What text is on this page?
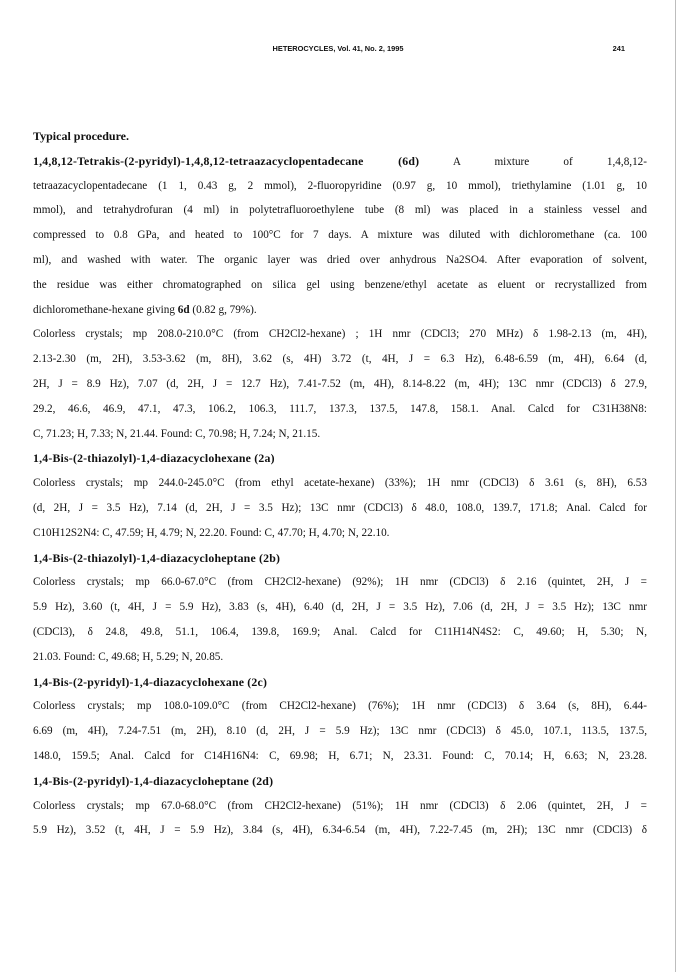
HETEROCYCLES, Vol. 41, No. 2, 1995	241
Typical procedure.
1,4,8,12-Tetrakis-(2-pyridyl)-1,4,8,12-tetraazacyclopentadecane (6d) A mixture of 1,4,8,12-
tetraazacyclopentadecane (1 1, 0.43 g, 2 mmol), 2-fluoropyridine (0.97 g, 10 mmol), triethylamine (1.01 g, 10
mmol), and tetrahydrofuran (4 ml) in polytetrafluoroethylene tube (8 ml) was placed in a stainless vessel and
compressed to 0.8 GPa, and heated to 100°C for 7 days. A mixture was diluted with dichloromethane (ca. 100
ml), and washed with water. The organic layer was dried over anhydrous Na2SO4. After evaporation of solvent,
the residue was either chromatographed on silica gel using benzene/ethyl acetate as eluent or recrystallized from
dichloromethane-hexane giving 6d (0.82 g, 79%).
Colorless crystals; mp 208.0-210.0°C (from CH2Cl2-hexane) ; 1H nmr (CDCl3; 270 MHz) δ 1.98-2.13 (m, 4H),
2.13-2.30 (m, 2H), 3.53-3.62 (m, 8H), 3.62 (s, 4H) 3.72 (t, 4H, J = 6.3 Hz), 6.48-6.59 (m, 4H), 6.64 (d,
2H, J = 8.9 Hz), 7.07 (d, 2H, J = 12.7 Hz), 7.41-7.52 (m, 4H), 8.14-8.22 (m, 4H); 13C nmr (CDCl3) δ 27.9,
29.2, 46.6, 46.9, 47.1, 47.3, 106.2, 106.3, 111.7, 137.3, 137.5, 147.8, 158.1. Anal. Calcd for C31H38N8:
C, 71.23; H, 7.33; N, 21.44. Found: C, 70.98; H, 7.24; N, 21.15.
1,4-Bis-(2-thiazolyl)-1,4-diazacyclohexane (2a)
Colorless crystals; mp 244.0-245.0°C (from ethyl acetate-hexane) (33%); 1H nmr (CDCl3) δ 3.61 (s, 8H), 6.53
(d, 2H, J = 3.5 Hz), 7.14 (d, 2H, J = 3.5 Hz); 13C nmr (CDCl3) δ 48.0, 108.0, 139.7, 171.8; Anal. Calcd for
C10H12S2N4: C, 47.59; H, 4.79; N, 22.20. Found: C, 47.70; H, 4.70; N, 22.10.
1,4-Bis-(2-thiazolyl)-1,4-diazacycloheptane (2b)
Colorless crystals; mp 66.0-67.0°C (from CH2Cl2-hexane) (92%); 1H nmr (CDCl3) δ 2.16 (quintet, 2H, J =
5.9 Hz), 3.60 (t, 4H, J = 5.9 Hz), 3.83 (s, 4H), 6.40 (d, 2H, J = 3.5 Hz), 7.06 (d, 2H, J = 3.5 Hz); 13C nmr
(CDCl3), δ 24.8, 49.8, 51.1, 106.4, 139.8, 169.9; Anal. Calcd for C11H14N4S2: C, 49.60; H, 5.30; N,
21.03. Found: C, 49.68; H, 5.29; N, 20.85.
1,4-Bis-(2-pyridyl)-1,4-diazacyclohexane (2c)
Colorless crystals; mp 108.0-109.0°C (from CH2Cl2-hexane) (76%); 1H nmr (CDCl3) δ 3.64 (s, 8H), 6.44-
6.69 (m, 4H), 7.24-7.51 (m, 2H), 8.10 (d, 2H, J = 5.9 Hz); 13C nmr (CDCl3) δ 45.0, 107.1, 113.5, 137.5,
148.0, 159.5; Anal. Calcd for C14H16N4: C, 69.98; H, 6.71; N, 23.31. Found: C, 70.14; H, 6.63; N, 23.28.
1,4-Bis-(2-pyridyl)-1,4-diazacycloheptane (2d)
Colorless crystals; mp 67.0-68.0°C (from CH2Cl2-hexane) (51%); 1H nmr (CDCl3) δ 2.06 (quintet, 2H, J =
5.9 Hz), 3.52 (t, 4H, J = 5.9 Hz), 3.84 (s, 4H), 6.34-6.54 (m, 4H), 7.22-7.45 (m, 2H); 13C nmr (CDCl3) δ
